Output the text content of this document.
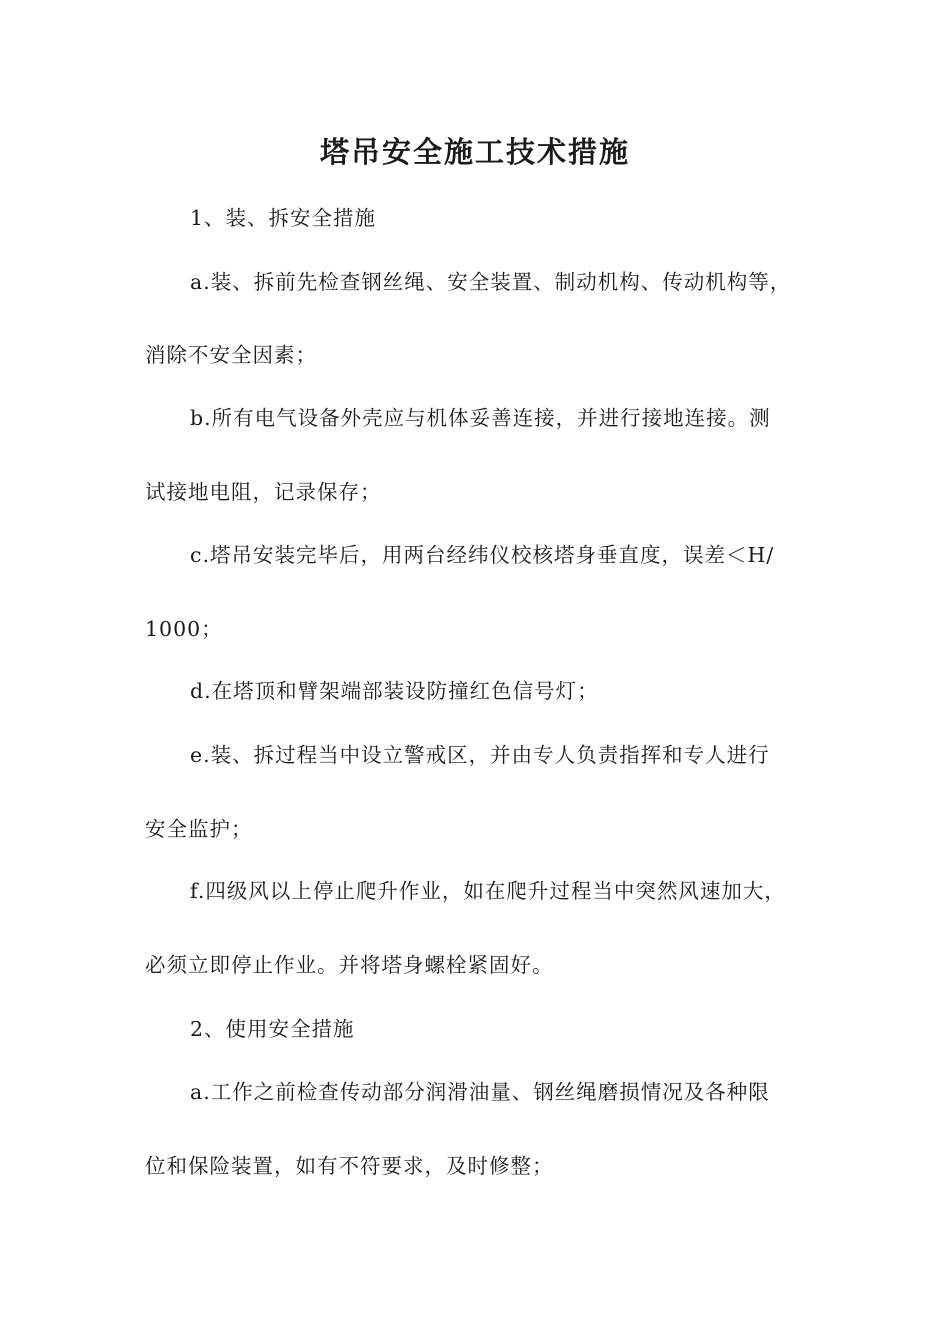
塔吊安全施工技术措施
1、装、拆安全措施
a.装、拆前先检查钢丝绳、安全装置、制动机构、传动机构等，
消除不安全因素；
b.所有电气设备外壳应与机体妥善连接，并进行接地连接。测
试接地电阻，记录保存；
c.塔吊安装完毕后，用两台经纬仪校核塔身垂直度，误差＜H/
1000；
d.在塔顶和臂架端部装设防撞红色信号灯；
e.装、拆过程当中设立警戒区，并由专人负责指挥和专人进行
安全监护；
f.四级风以上停止爬升作业，如在爬升过程当中突然风速加大，
必须立即停止作业。并将塔身螺栓紧固好。
2、使用安全措施
a.工作之前检查传动部分润滑油量、钢丝绳磨损情况及各种限
位和保险装置，如有不符要求，及时修整；
